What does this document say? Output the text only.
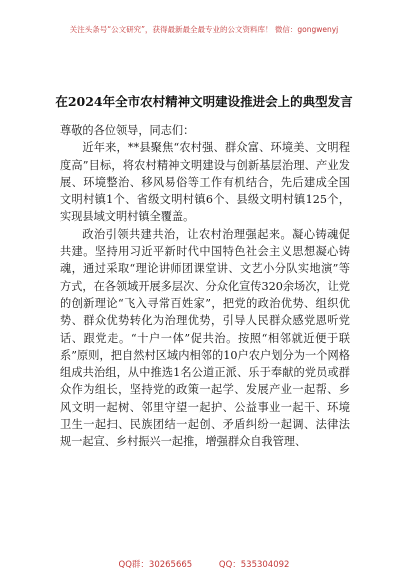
关注头条号“公文研究”，获得最新最全最专业的公文资料库！ 微信：gongwenyj
在2024年全市农村精神文明建设推进会上的典型发言

尊敬的各位领导，同志们：

近年来，**县聚焦“农村强、群众富、环境美、文明程度高”目标，将农村精神文明建设与创新基层治理、产业发展、环境整治、移风易俗等工作有机结合，先后建成全国文明村镇1个、省级文明村镇6个、县级文明村镇125个，实现县域文明村镇全覆盖。

政治引领共建共治，让农村治理强起来。凝心铸魂促共建。坚持用习近平新时代中国特色社会主义思想凝心铸魂，通过采取“理论讲师团课堂讲、文艺小分队实地演”等方式，在各领域开展多层次、分众化宣传320余场次，让党的创新理论“飞入寻常百姓家”，把党的政治优势、组织优势、群众优势转化为治理优势，引导人民群众感党恩听党话、跟党走。“十户一体”促共治。按照“相邻就近便于联系”原则，把自然村区域内相邻的10户农户划分为一个网格组成共治组，从中推选1名公道正派、乐于奉献的党员或群众作为组长，坚持党的政策一起学、发展产业一起帮、乡风文明一起树、邻里守望一起护、公益事业一起干、环境卫生一起扫、民族团结一起创、矛盾纠纷一起调、法律法规一起宣、乡村振兴一起推，增强群众自我管理、

QQ群：30265665	QQ：535304092
